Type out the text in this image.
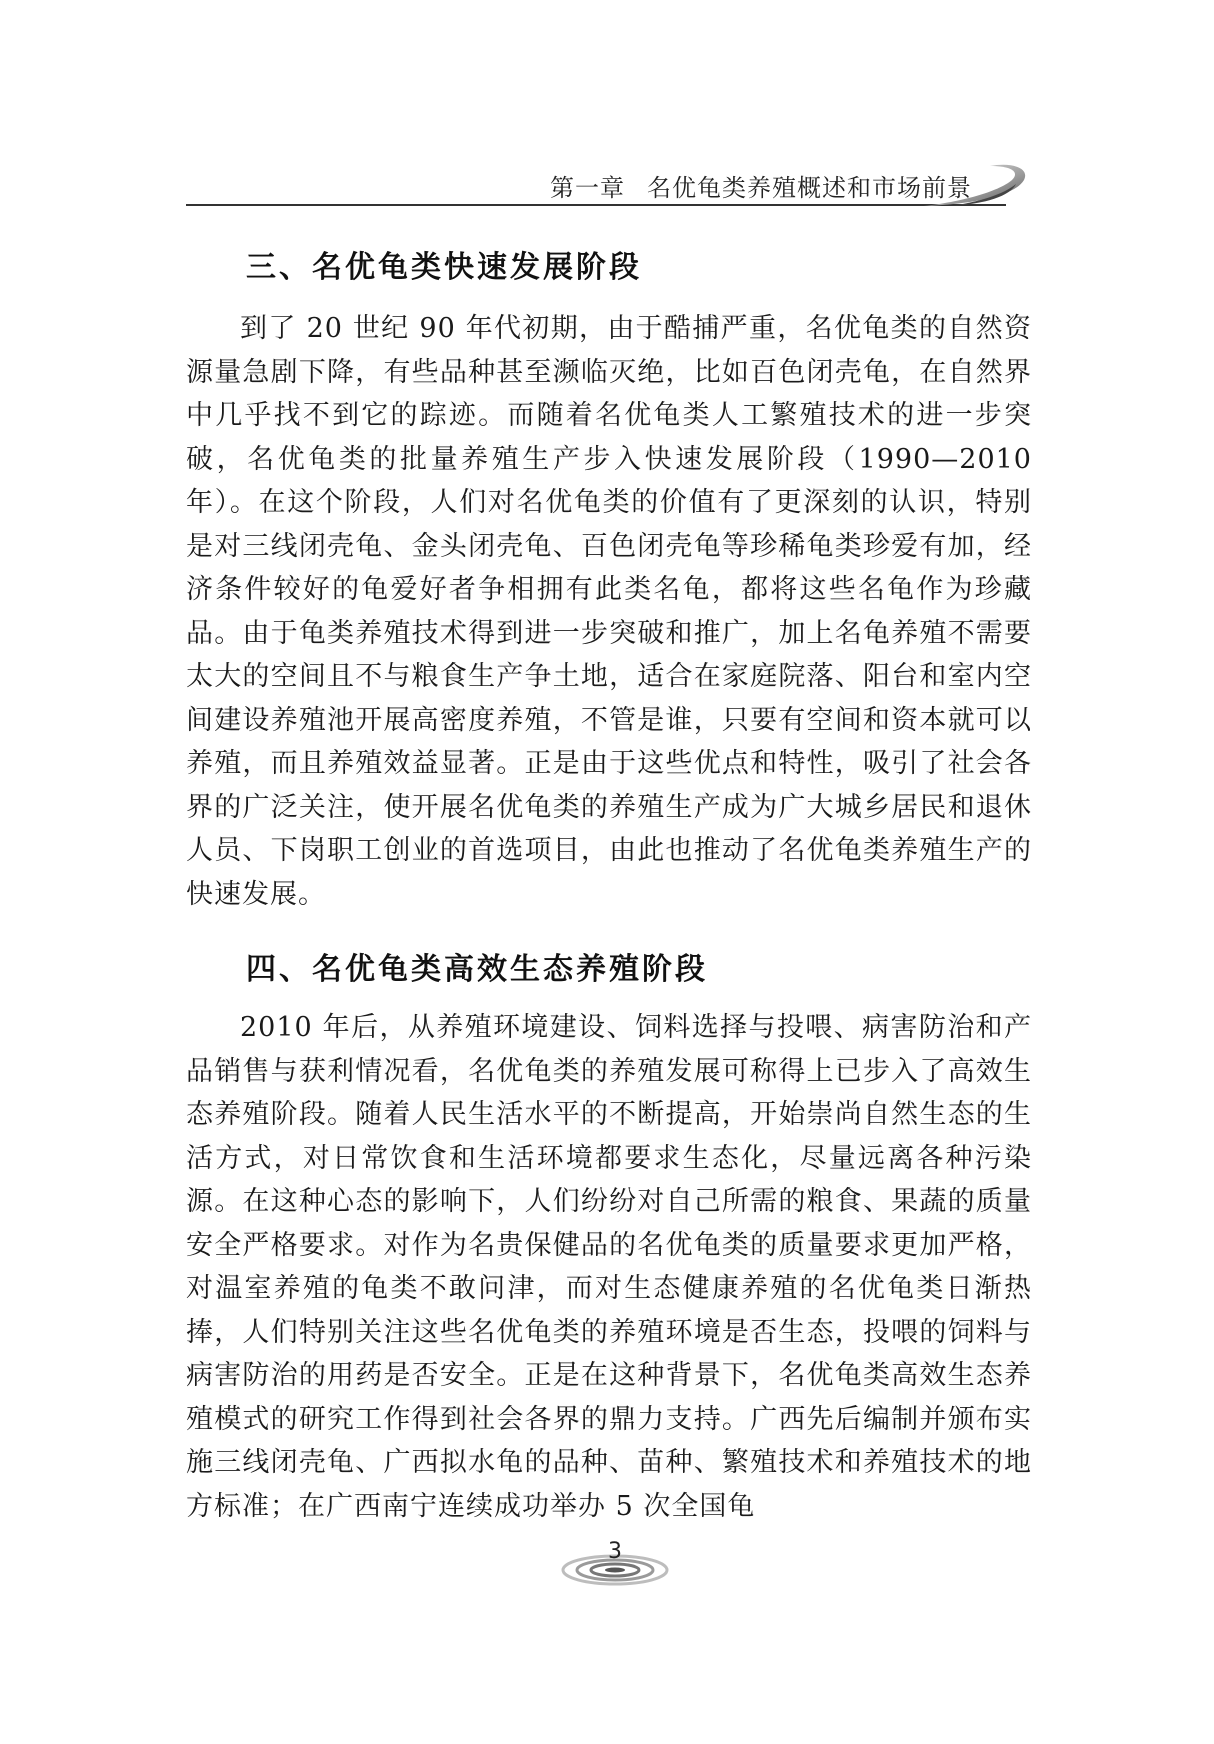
第一章 名优龟类养殖概述和市场前景
三、名优龟类快速发展阶段

到了 20 世纪 90 年代初期，由于酷捕严重，名优龟类的自然资源量急剧下降，有些品种甚至濒临灭绝，比如百色闭壳龟，在自然界中几乎找不到它的踪迹。而随着名优龟类人工繁殖技术的进一步突破，名优龟类的批量养殖生产步入快速发展阶段（1990—2010 年）。在这个阶段，人们对名优龟类的价值有了更深刻的认识，特别是对三线闭壳龟、金头闭壳龟、百色闭壳龟等珍稀龟类珍爱有加，经济条件较好的龟爱好者争相拥有此类名龟，都将这些名龟作为珍藏品。由于龟类养殖技术得到进一步突破和推广，加上名龟养殖不需要太大的空间且不与粮食生产争土地，适合在家庭院落、阳台和室内空间建设养殖池开展高密度养殖，不管是谁，只要有空间和资本就可以养殖，而且养殖效益显著。正是由于这些优点和特性，吸引了社会各界的广泛关注，使开展名优龟类的养殖生产成为广大城乡居民和退休人员、下岗职工创业的首选项目，由此也推动了名优龟类养殖生产的快速发展。

四、名优龟类高效生态养殖阶段

2010 年后，从养殖环境建设、饲料选择与投喂、病害防治和产品销售与获利情况看，名优龟类的养殖发展可称得上已步入了高效生态养殖阶段。随着人民生活水平的不断提高，开始崇尚自然生态的生活方式，对日常饮食和生活环境都要求生态化，尽量远离各种污染源。在这种心态的影响下，人们纷纷对自己所需的粮食、果蔬的质量安全严格要求。对作为名贵保健品的名优龟类的质量要求更加严格，对温室养殖的龟类不敢问津，而对生态健康养殖的名优龟类日渐热捧，人们特别关注这些名优龟类的养殖环境是否生态，投喂的饲料与病害防治的用药是否安全。正是在这种背景下，名优龟类高效生态养殖模式的研究工作得到社会各界的鼎力支持。广西先后编制并颁布实施三线闭壳龟、广西拟水龟的品种、苗种、繁殖技术和养殖技术的地方标准；在广西南宁连续成功举办 5 次全国龟

3
